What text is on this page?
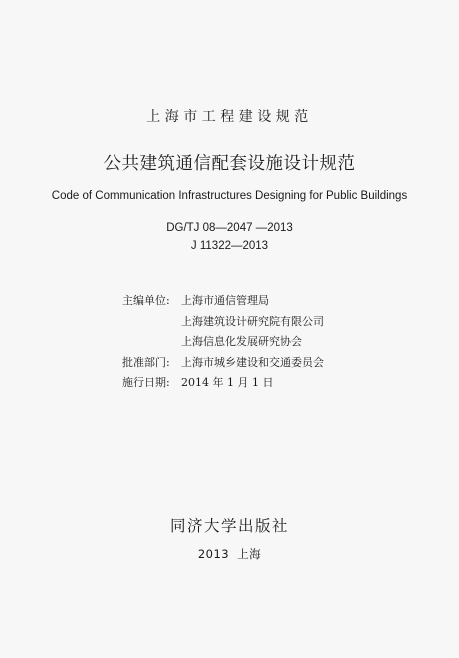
上海市工程建设规范
公共建筑通信配套设施设计规范
Code of Communication Infrastructures Designing for Public Buildings
DG/TJ 08—2047 —2013
J 11322—2013
主编单位:	上海市通信管理局
上海建筑设计研究院有限公司
上海信息化发展研究协会
批准部门:	上海市城乡建设和交通委员会
施行日期:	2014 年 1 月 1 日
同济大学出版社
2013 上海
